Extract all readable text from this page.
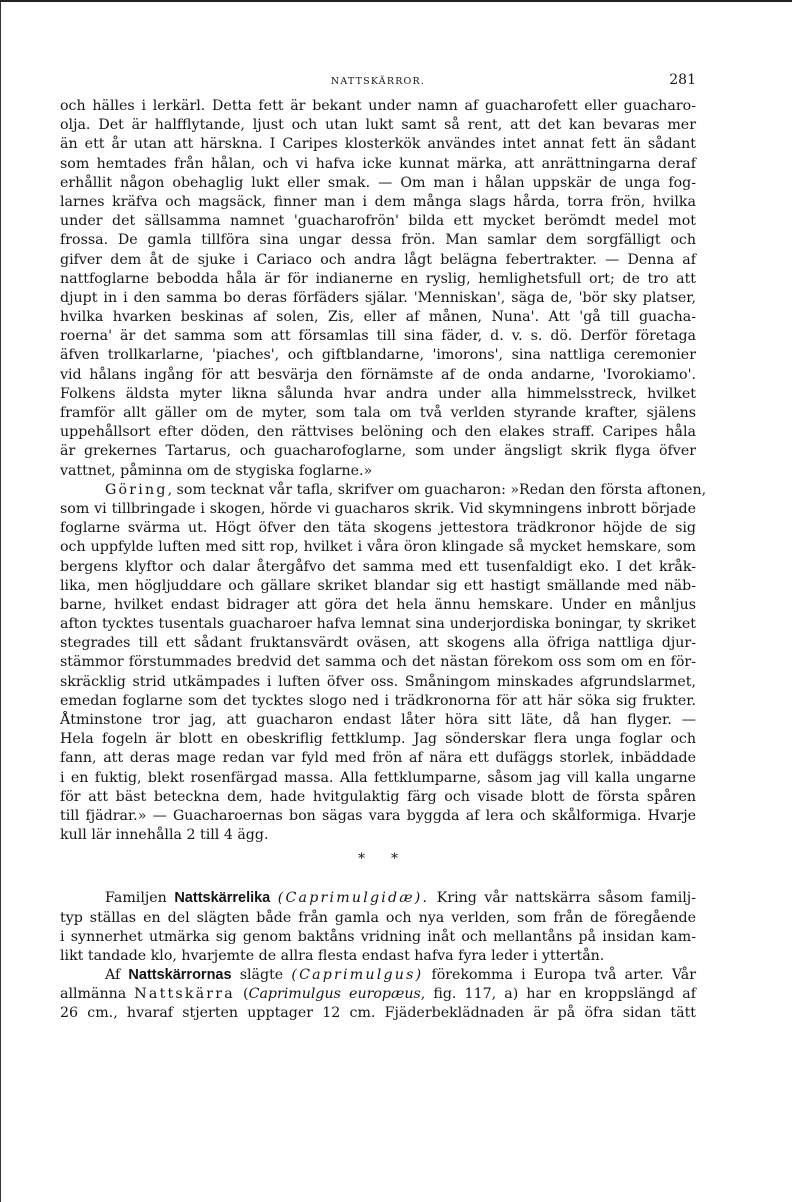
NATTSKÄRROR.	281
och hälles i lerkärl. Detta fett är bekant under namn af guacharofett eller guacharo-
olja. Det är halfflytande, ljust och utan lukt samt så rent, att det kan bevaras mer
än ett år utan att härskna. I Caripes klosterkök användes intet annat fett än sådant
som hemtades från hålan, och vi hafva icke kunnat märka, att anrättningarna deraf
erhållit någon obehaglig lukt eller smak. — Om man i hålan uppskär de unga fog-
larnes kräfva och magsäck, finner man i dem många slags hårda, torra frön, hvilka
under det sällsamma namnet 'guacharofrön' bilda ett mycket berömdt medel mot
frossa. De gamla tillföra sina ungar dessa frön. Man samlar dem sorgfälligt och
gifver dem åt de sjuke i Cariaco och andra lågt belägna febertrakter. — Denna af
nattfoglarne bebodda håla är för indianerne en ryslig, hemlighetsfull ort; de tro att
djupt in i den samma bo deras förfäders själar. 'Menniskan', säga de, 'bör sky platser,
hvilka hvarken beskinas af solen, Zis, eller af månen, Nuna'. Att 'gå till guacha-
roerna' är det samma som att församlas till sina fäder, d. v. s. dö. Derför företaga
äfven trollkarlarne, 'piaches', och giftblandarne, 'imorons', sina nattliga ceremonier
vid hålans ingång för att besvärja den förnämste af de onda andarne, 'Ivorokiamo'.
Folkens äldsta myter likna sålunda hvar andra under alla himmelsstreck, hvilket
framför allt gäller om de myter, som tala om två verlden styrande krafter, själens
uppehållsort efter döden, den rättvises belöning och den elakes straff. Caripes håla
är grekernes Tartarus, och guacharofoglarne, som under ängsligt skrik flyga öfver
vattnet, påminna om de stygiska foglarne.»
Göring, som tecknat vår tafla, skrifver om guacharon: »Redan den första aftonen,
som vi tillbringade i skogen, hörde vi guacharos skrik. Vid skymningens inbrott började
foglarne svärma ut. Högt öfver den täta skogens jettestora trädkronor höjde de sig
och uppfylde luften med sitt rop, hvilket i våra öron klingade så mycket hemskare, som
bergens klyftor och dalar återgåfvo det samma med ett tusenfaldigt eko. I det kråk-
lika, men högljuddare och gällare skriket blandar sig ett hastigt smällande med näb-
barne, hvilket endast bidrager att göra det hela ännu hemskare. Under en månljus
afton tycktes tusentals guacharoer hafva lemnat sina underjordiska boningar, ty skriket
stegrades till ett sådant fruktansvärdt oväsen, att skogens alla öfriga nattliga djur-
stämmor förstummades bredvid det samma och det nästan förekom oss som om en för-
skräcklig strid utkämpades i luften öfver oss. Småningom minskades afgrundslarmet,
emedan foglarne som det tycktes slogo ned i trädkronorna för att här söka sig frukter.
Åtminstone tror jag, att guacharon endast låter höra sitt läte, då han flyger. —
Hela fogeln är blott en obeskriflig fettklump. Jag sönderskar flera unga foglar och
fann, att deras mage redan var fyld med frön af nära ett dufäggs storlek, inbäddade
i en fuktig, blekt rosenfärgad massa. Alla fettklumparne, såsom jag vill kalla ungarne
för att bäst beteckna dem, hade hvitgulaktig färg och visade blott de första spåren
till fjädrar.» — Guacharoernas bon sägas vara byggda af lera och skålformiga. Hvarje
kull lär innehålla 2 till 4 ägg.
* *
Familjen Nattskärrelika (Caprimulgidæ). Kring vår nattskärra såsom familj-
typ ställas en del slägten både från gamla och nya verlden, som från de föregående
i synnerhet utmärka sig genom baktåns vridning inåt och mellantåns på insidan kam-
likt tandade klo, hvarjemte de allra flesta endast hafva fyra leder i yttertån.
Af Nattskärrornas slägte (Caprimulgus) förekomma i Europa två arter. Vår
allmänna Nattskärra (Caprimulgus europæus, fig. 117, a) har en kroppslängd af
26 cm., hvaraf stjerten upptager 12 cm. Fjäderbeklädnaden är på öfra sidan tätt
